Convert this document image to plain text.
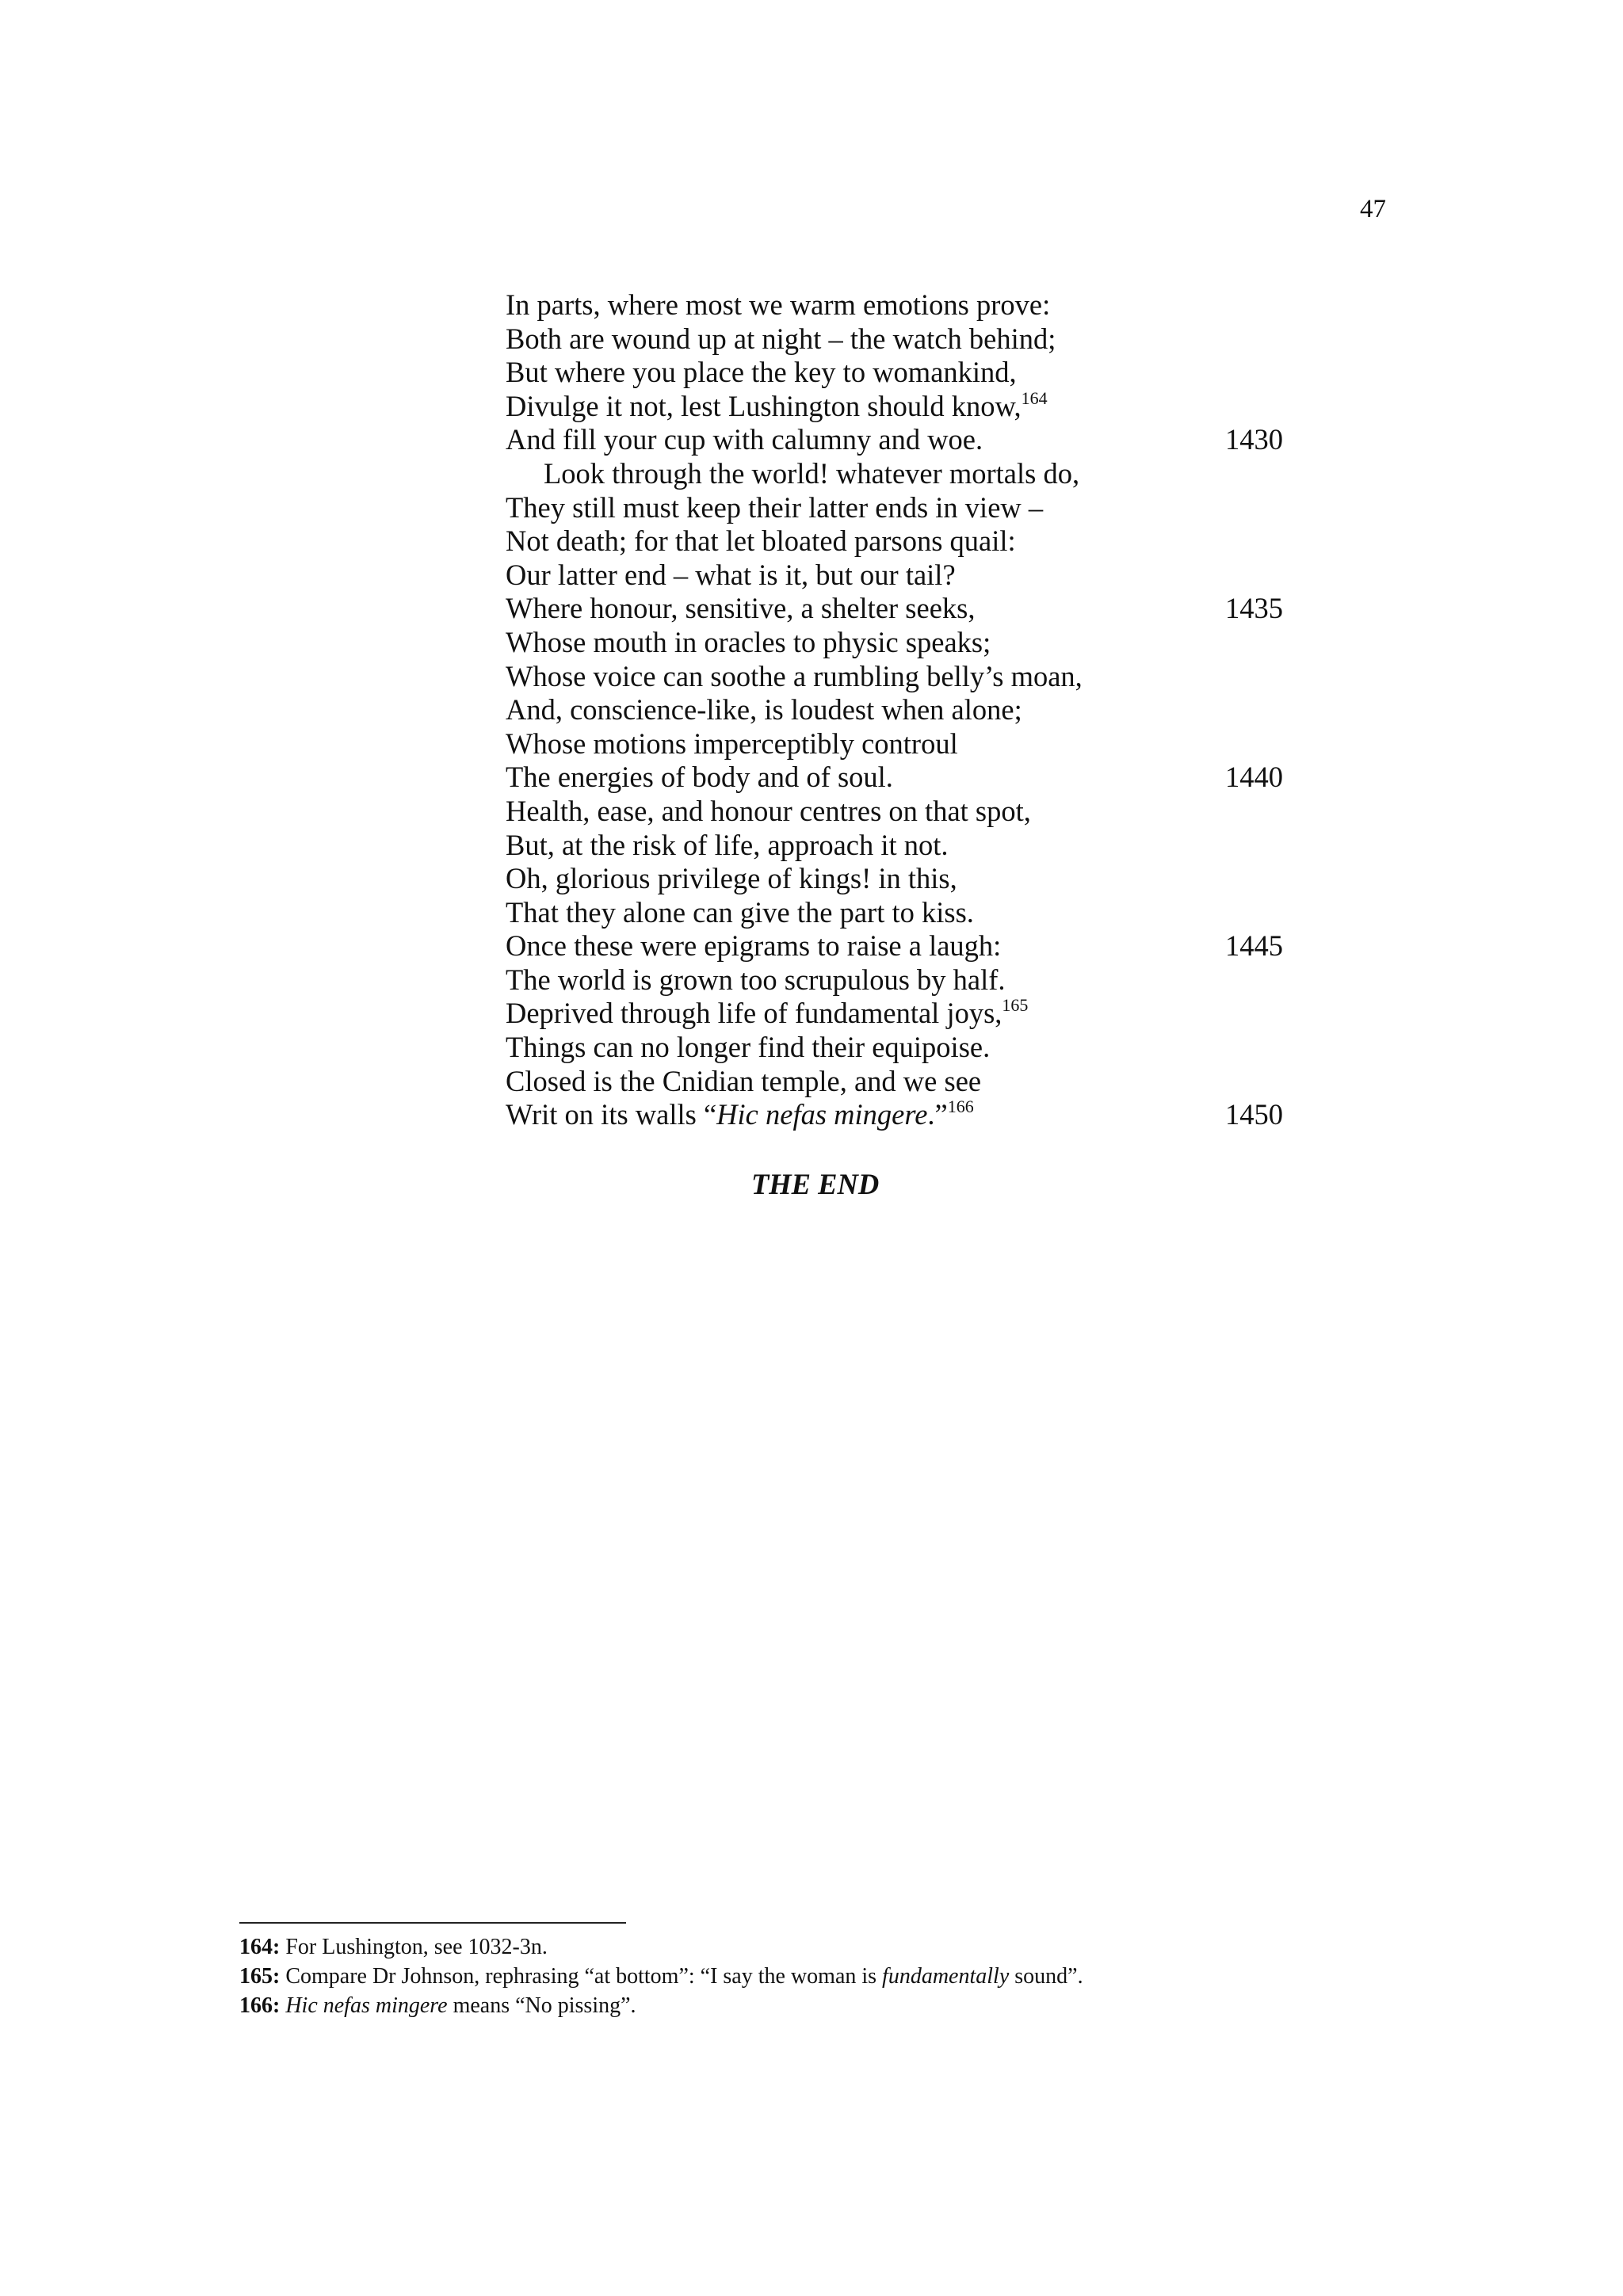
47
In parts, where most we warm emotions prove:
Both are wound up at night – the watch behind;
But where you place the key to womankind,
Divulge it not, lest Lushington should know,$^{164}$
And fill your cup with calumny and woe.	1430
Look through the world! whatever mortals do,
They still must keep their latter ends in view –
Not death; for that let bloated parsons quail:
Our latter end – what is it, but our tail?
Where honour, sensitive, a shelter seeks,	1435
Whose mouth in oracles to physic speaks;
Whose voice can soothe a rumbling belly’s moan,
And, conscience-like, is loudest when alone;
Whose motions imperceptibly controul
The energies of body and of soul.	1440
Health, ease, and honour centres on that spot,
But, at the risk of life, approach it not.
Oh, glorious privilege of kings! in this,
That they alone can give the part to kiss.
Once these were epigrams to raise a laugh:	1445
The world is grown too scrupulous by half.
Deprived through life of fundamental joys,$^{165}$
Things can no longer find their equipoise.
Closed is the Cnidian temple, and we see
Writ on its walls “Hic nefas mingere.”$^{166}$	1450
THE END
164: For Lushington, see 1032-3n.
165: Compare Dr Johnson, rephrasing “at bottom”: “I say the woman is fundamentally sound”.
166: Hic nefas mingere means “No pissing”.
